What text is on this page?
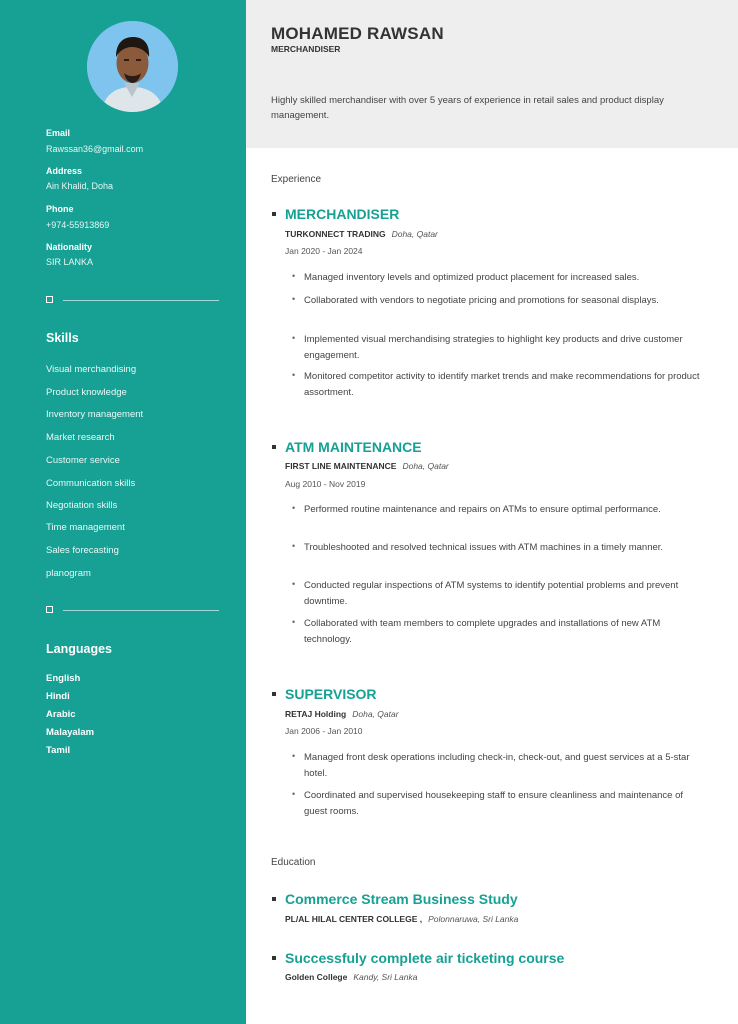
Email
Rawssan36@gmail.com
Address
Ain Khalid, Doha
Phone
+974-55913869
Nationality
SIR LANKA
Skills
Visual merchandising
Product knowledge
Inventory management
Market research
Customer service
Communication skills
Negotiation skills
Time management
Sales forecasting
planogram
Languages
English
Hindi
Arabic
Malayalam
Tamil
MOHAMED RAWSAN
MERCHANDISER
Highly skilled merchandiser with over 5 years of experience in retail sales and product display management.
Experience
MERCHANDISER
TURKONNECT TRADING Doha, Qatar
Jan 2020 - Jan 2024
• Managed inventory levels and optimized product placement for increased sales.
• Collaborated with vendors to negotiate pricing and promotions for seasonal displays.
• Implemented visual merchandising strategies to highlight key products and drive customer engagement.
• Monitored competitor activity to identify market trends and make recommendations for product assortment.
ATM MAINTENANCE
FIRST LINE MAINTENANCE Doha, Qatar
Aug 2010 - Nov 2019
• Performed routine maintenance and repairs on ATMs to ensure optimal performance.
• Troubleshooted and resolved technical issues with ATM machines in a timely manner.
• Conducted regular inspections of ATM systems to identify potential problems and prevent downtime.
• Collaborated with team members to complete upgrades and installations of new ATM technology.
SUPERVISOR
RETAJ Holding Doha, Qatar
Jan 2006 - Jan 2010
• Managed front desk operations including check-in, check-out, and guest services at a 5-star hotel.
• Coordinated and supervised housekeeping staff to ensure cleanliness and maintenance of guest rooms.
Education
Commerce Stream Business Study
PL/AL HILAL CENTER COLLEGE , Polonnaruwa, Sri Lanka
Successfuly complete air ticketing course
Golden College Kandy, Sri Lanka
